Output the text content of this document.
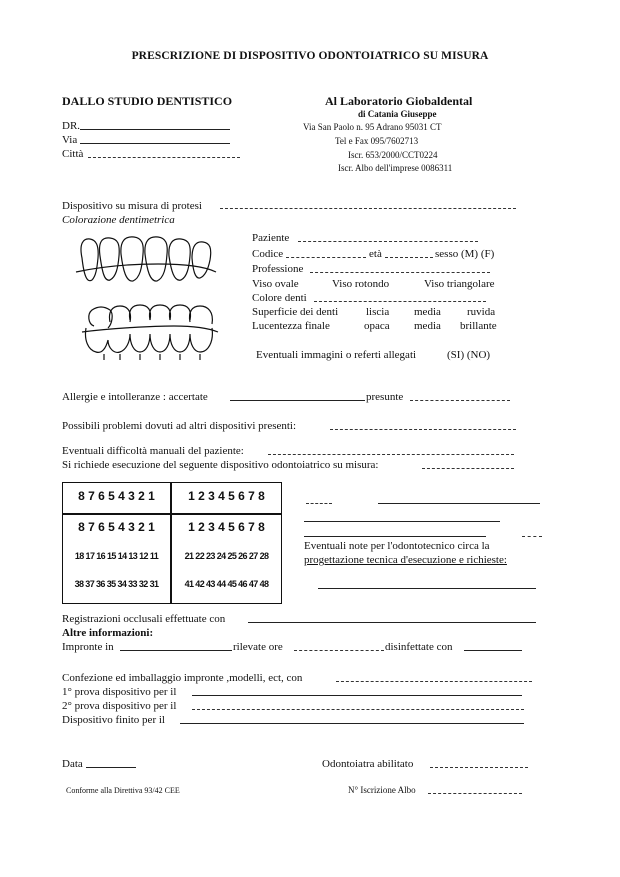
PRESCRIZIONE DI DISPOSITIVO ODONTOIATRICO SU MISURA
DALLO STUDIO DENTISTICO
DR.
Via
Città
Al Laboratorio Giobaldental
di Catania Giuseppe
Via San Paolo n. 95 Adrano 95031 CT
Tel e Fax 095/7602713
Iscr. 653/2000/CCT0224
Iscr. Albo dell'imprese 0086311
Dispositivo su misura di protesi
Colorazione dentimetrica
Paziente
Codice	età	sesso (M) (F)
Professione
Viso ovale	Viso rotondo	Viso triangolare
Colore denti
Superficie dei denti	liscia media ruvida
Lucentezza finale	opaca media brillante
Eventuali immagini o referti allegati	(SI) (NO)
Allergie e intolleranze : accertate	presunte
Possibili problemi dovuti ad altri dispositivi presenti:
Eventuali difficoltà manuali del paziente:
Si richiede esecuzione del seguente dispositivo odontoiatrico su misura:
8 7 6 5 4 3 2 1	1 2 3 4 5 6 7 8
8 7 6 5 4 3 2 1	1 2 3 4 5 6 7 8
18 17 16 15 14 13 12 11	21 22 23 24 25 26 27 28
38 37 36 35 34 33 32 31	41 42 43 44 45 46 47 48
Eventuali note per l'odontotecnico circa la
progettazione tecnica d'esecuzione e richieste:
Registrazioni occlusali effettuate con
Altre informazioni:
Impronte in	rilevate ore	disinfettate con
Confezione ed imballaggio impronte ,modelli, ect, con
1° prova dispositivo per il
2° prova dispositivo per il
Dispositivo finito per il
Data	Odontoiatra abilitato
Conforme alla Direttiva 93/42 CEE	N° Iscrizione Albo
